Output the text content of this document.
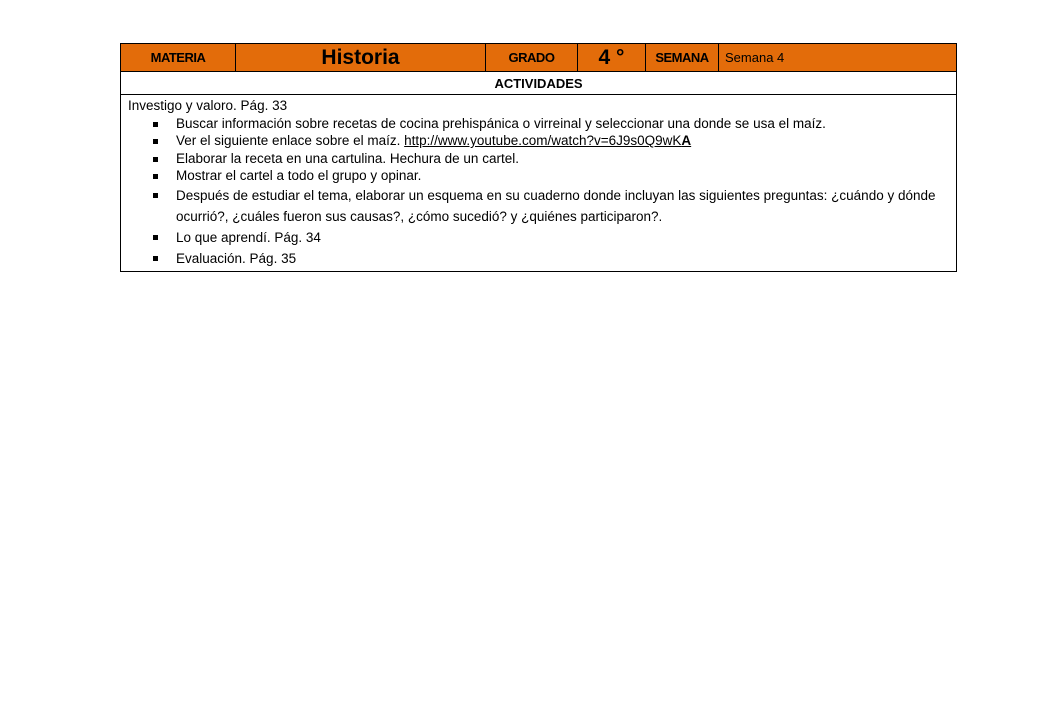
MATERIA	Historia	GRADO	4 °	SEMANA	Semana 4
ACTIVIDADES

Investigo y valoro. Pág. 33
Buscar información sobre recetas de cocina prehispánica o virreinal y seleccionar una donde se usa el maíz.
Ver el siguiente enlace sobre el maíz. http://www.youtube.com/watch?v=6J9s0Q9wKA
Elaborar la receta en una cartulina. Hechura de un cartel.
Mostrar el cartel a todo el grupo y opinar.
Después de estudiar el tema, elaborar un esquema en su cuaderno donde incluyan las siguientes preguntas: ¿cuándo y dónde ocurrió?, ¿cuáles fueron sus causas?, ¿cómo sucedió? y ¿quiénes participaron?.
Lo que aprendí. Pág. 34
Evaluación. Pág. 35
